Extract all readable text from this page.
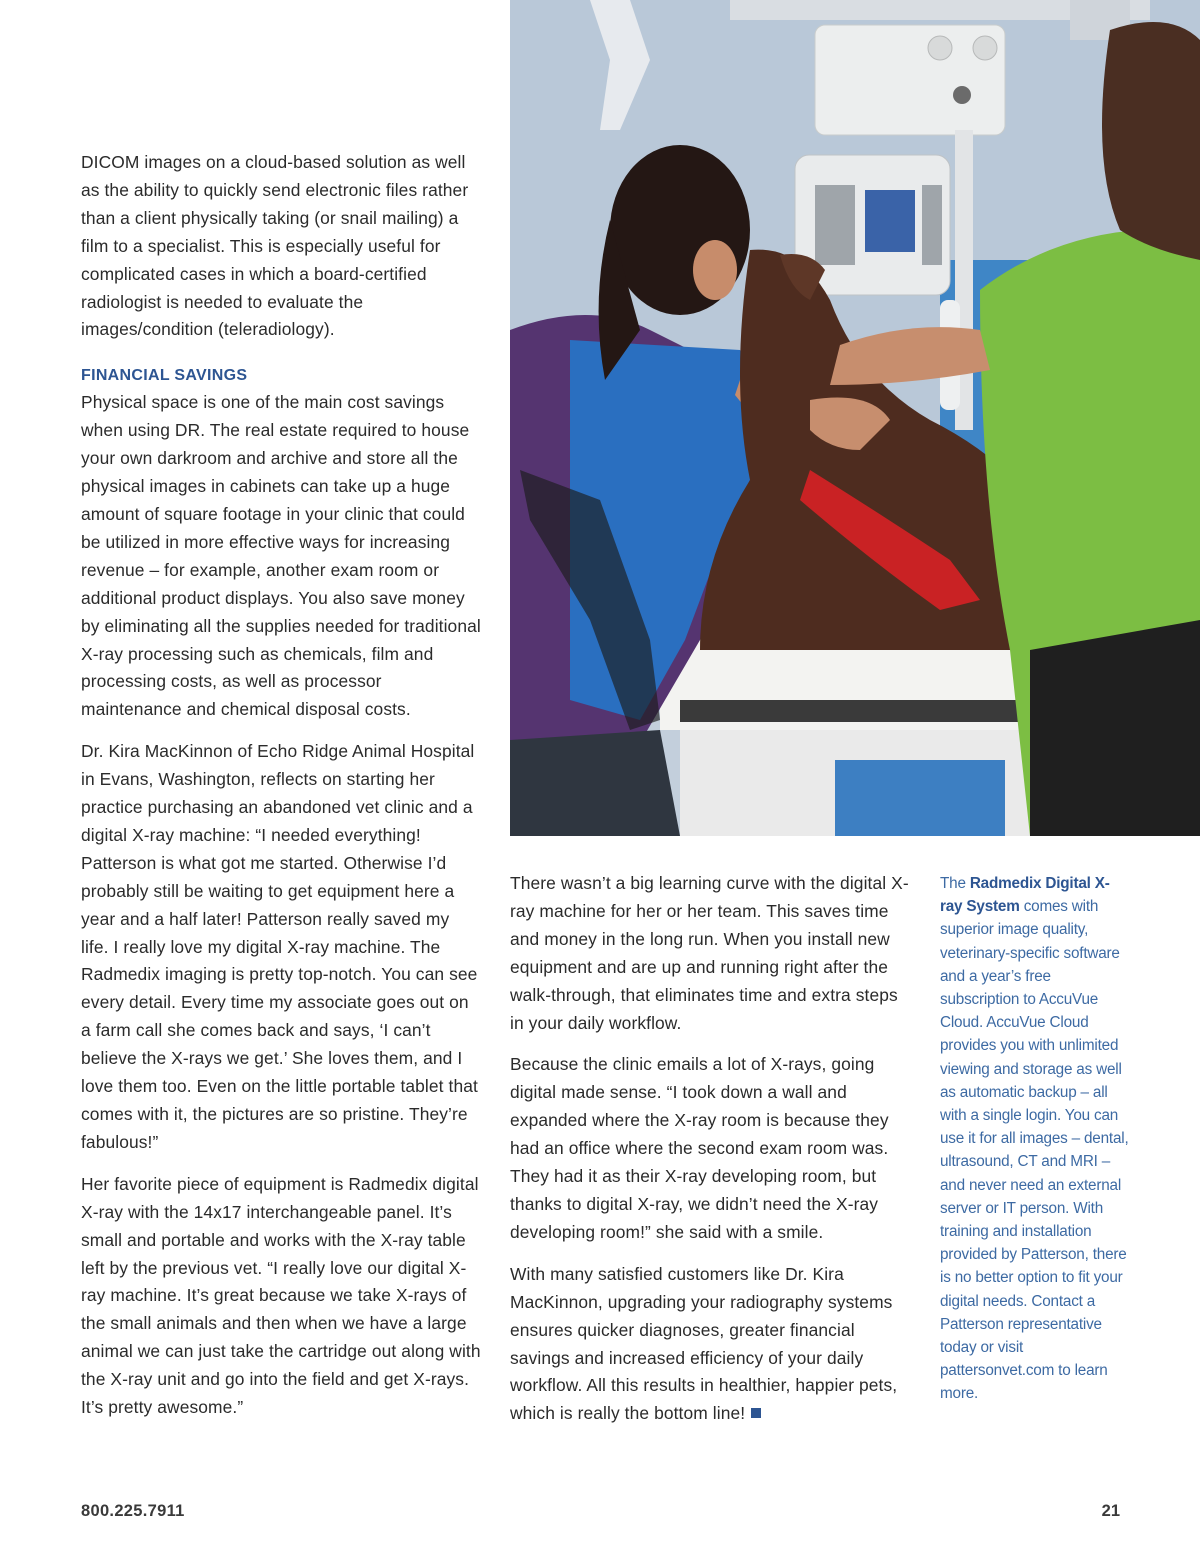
DICOM images on a cloud-based solution as well as the ability to quickly send electronic files rather than a client physically taking (or snail mailing) a film to a specialist. This is especially useful for complicated cases in which a board-certified radiologist is needed to evaluate the images/condition (teleradiology).

FINANCIAL SAVINGS

Physical space is one of the main cost savings when using DR. The real estate required to house your own darkroom and archive and store all the physical images in cabinets can take up a huge amount of square footage in your clinic that could be utilized in more effective ways for increasing revenue – for example, another exam room or additional product displays. You also save money by eliminating all the supplies needed for traditional X-ray processing such as chemicals, film and processing costs, as well as processor maintenance and chemical disposal costs.

Dr. Kira MacKinnon of Echo Ridge Animal Hospital in Evans, Washington, reflects on starting her practice purchasing an abandoned vet clinic and a digital X-ray machine: “I needed everything! Patterson is what got me started. Otherwise I’d probably still be waiting to get equipment here a year and a half later! Patterson really saved my life. I really love my digital X-ray machine. The Radmedix imaging is pretty top-notch. You can see every detail. Every time my associate goes out on a farm call she comes back and says, ‘I can’t believe the X-rays we get.’ She loves them, and I love them too. Even on the little portable tablet that comes with it, the pictures are so pristine. They’re fabulous!”

Her favorite piece of equipment is Radmedix digital X-ray with the 14x17 interchangeable panel. It’s small and portable and works with the X-ray table left by the previous vet. “I really love our digital X-ray machine. It’s great because we take X-rays of the small animals and then when we have a large animal we can just take the cartridge out along with the X-ray unit and go into the field and get X-rays. It’s pretty awesome.”

There wasn’t a big learning curve with the digital X-ray machine for her or her team. This saves time and money in the long run. When you install new equipment and are up and running right after the walk-through, that eliminates time and extra steps in your daily workflow.

Because the clinic emails a lot of X-rays, going digital made sense. “I took down a wall and expanded where the X-ray room is because they had an office where the second exam room was. They had it as their X-ray developing room, but thanks to digital X-ray, we didn’t need the X-ray developing room!” she said with a smile.

With many satisfied customers like Dr. Kira MacKinnon, upgrading your radiography systems ensures quicker diagnoses, greater financial savings and increased efficiency of your daily workflow. All this results in healthier, happier pets, which is really the bottom line!

The Radmedix Digital X-ray System comes with superior image quality, veterinary-specific software and a year’s free subscription to AccuVue Cloud. AccuVue Cloud provides you with unlimited viewing and storage as well as automatic backup – all with a single login. You can use it for all images – dental, ultrasound, CT and MRI – and never need an external server or IT person. With training and installation provided by Patterson, there is no better option to fit your digital needs. Contact a Patterson representative today or visit pattersonvet.com to learn more.
800.225.7911	21
